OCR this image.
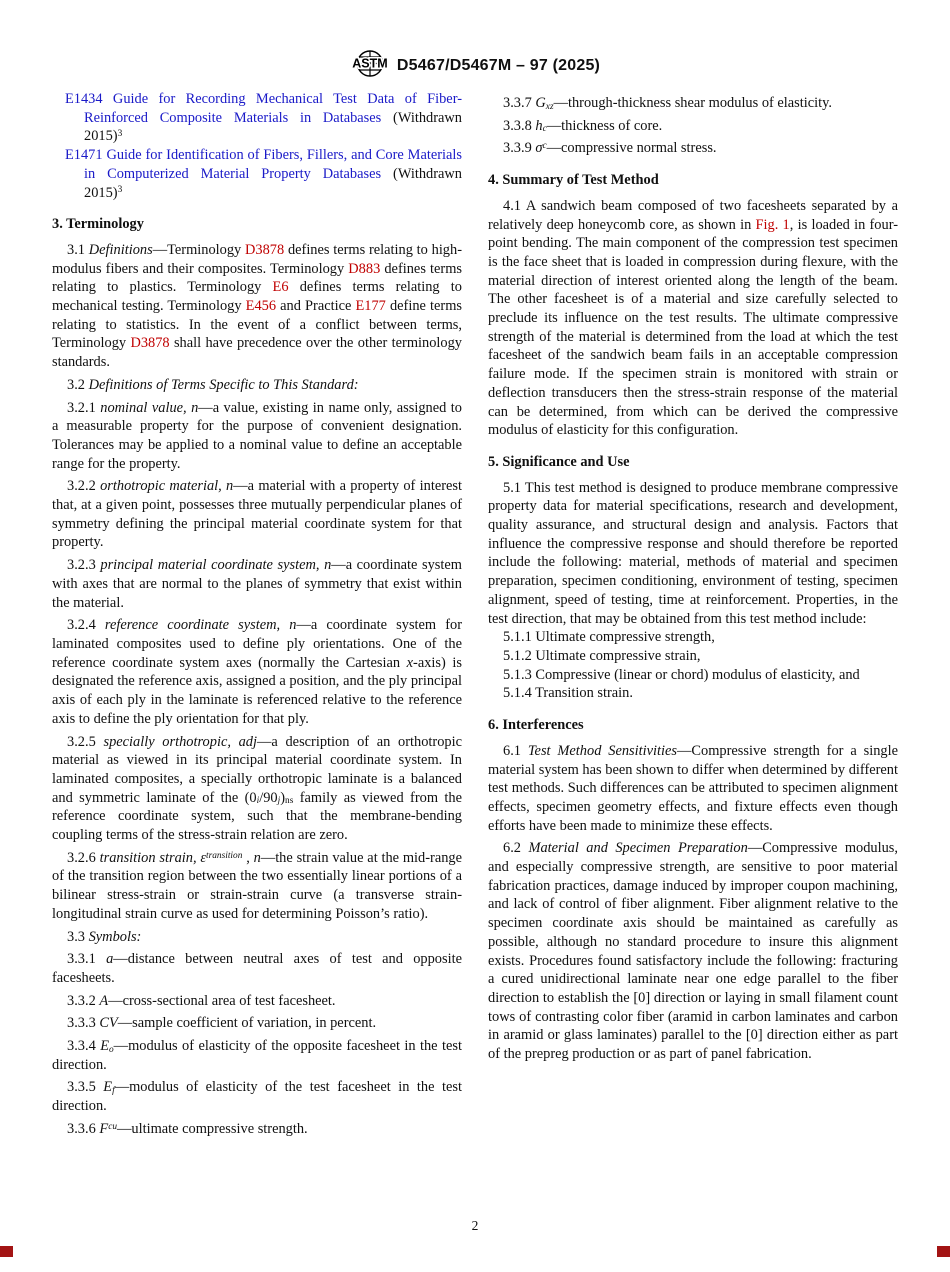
ASTM D5467/D5467M – 97 (2025)

E1434 Guide for Recording Mechanical Test Data of Fiber-Reinforced Composite Materials in Databases (Withdrawn 2015)$^3$

E1471 Guide for Identification of Fibers, Fillers, and Core Materials in Computerized Material Property Databases (Withdrawn 2015)$^3$

3. Terminology

3.1 Definitions—Terminology D3878 defines terms relating to high-modulus fibers and their composites. Terminology D883 defines terms relating to plastics. Terminology E6 defines terms relating to mechanical testing. Terminology E456 and Practice E177 define terms relating to statistics. In the event of a conflict between terms, Terminology D3878 shall have precedence over the other terminology standards.

3.2 Definitions of Terms Specific to This Standard:

3.2.1 nominal value, n—a value, existing in name only, assigned to a measurable property for the purpose of convenient designation. Tolerances may be applied to a nominal value to define an acceptable range for the property.

3.2.2 orthotropic material, n—a material with a property of interest that, at a given point, possesses three mutually perpendicular planes of symmetry defining the principal material coordinate system for that property.

3.2.3 principal material coordinate system, n—a coordinate system with axes that are normal to the planes of symmetry that exist within the material.

3.2.4 reference coordinate system, n—a coordinate system for laminated composites used to define ply orientations. One of the reference coordinate system axes (normally the Cartesian x-axis) is designated the reference axis, assigned a position, and the ply principal axis of each ply in the laminate is referenced relative to the reference axis to define the ply orientation for that ply.

3.2.5 specially orthotropic, adj—a description of an orthotropic material as viewed in its principal material coordinate system. In laminated composites, a specially orthotropic laminate is a balanced and symmetric laminate of the $(0_i/90_j)_{ns}$ family as viewed from the reference coordinate system, such that the membrane-bending coupling terms of the stress-strain relation are zero.

3.2.6 transition strain, $\varepsilon^{transition}$ , n—the strain value at the mid-range of the transition region between the two essentially linear portions of a bilinear stress-strain or strain-strain curve (a transverse strain-longitudinal strain curve as used for determining Poisson’s ratio).

3.3 Symbols:

3.3.1 a—distance between neutral axes of test and opposite facesheets.

3.3.2 A—cross-sectional area of test facesheet.

3.3.3 CV—sample coefficient of variation, in percent.

3.3.4 $E_o—modulus$ of elasticity of the opposite facesheet in the test direction.

3.3.5 $E_f—modulus$ of elasticity of the test facesheet in the test direction.

3.3.6 $F^{cu}—ultimate$ compressive strength.

3.3.7 $G_{xz}—through$-thickness shear modulus of elasticity.

3.3.8 $h_c—thickness$ of core.

3.3.9 $\sigma^c—compressive$ normal stress.

4. Summary of Test Method

4.1 A sandwich beam composed of two facesheets separated by a relatively deep honeycomb core, as shown in Fig. 1, is loaded in four-point bending. The main component of the compression test specimen is the face sheet that is loaded in compression during flexure, with the material direction of interest oriented along the length of the beam. The other facesheet is of a material and size carefully selected to preclude its influence on the test results. The ultimate compressive strength of the material is determined from the load at which the test facesheet of the sandwich beam fails in an acceptable compression failure mode. If the specimen strain is monitored with strain or deflection transducers then the stress-strain response of the material can be determined, from which can be derived the compressive modulus of elasticity for this configuration.

5. Significance and Use

5.1 This test method is designed to produce membrane compressive property data for material specifications, research and development, quality assurance, and structural design and analysis. Factors that influence the compressive response and should therefore be reported include the following: material, methods of material and specimen preparation, specimen conditioning, environment of testing, specimen alignment, speed of testing, time at reinforcement. Properties, in the test direction, that may be obtained from this test method include:

5.1.1 Ultimate compressive strength,

5.1.2 Ultimate compressive strain,

5.1.3 Compressive (linear or chord) modulus of elasticity, and

5.1.4 Transition strain.

6. Interferences

6.1 Test Method Sensitivities—Compressive strength for a single material system has been shown to differ when determined by different test methods. Such differences can be attributed to specimen alignment effects, specimen geometry effects, and fixture effects even though efforts have been made to minimize these effects.

6.2 Material and Specimen Preparation—Compressive modulus, and especially compressive strength, are sensitive to poor material fabrication practices, damage induced by improper coupon machining, and lack of control of fiber alignment. Fiber alignment relative to the specimen coordinate axis should be maintained as carefully as possible, although no standard procedure to insure this alignment exists. Procedures found satisfactory include the following: fracturing a cured unidirectional laminate near one edge parallel to the fiber direction to establish the [0] direction or laying in small filament count tows of contrasting color fiber (aramid in carbon laminates and carbon in aramid or glass laminates) parallel to the [0] direction either as part of the prepreg production or as part of panel fabrication.

2
